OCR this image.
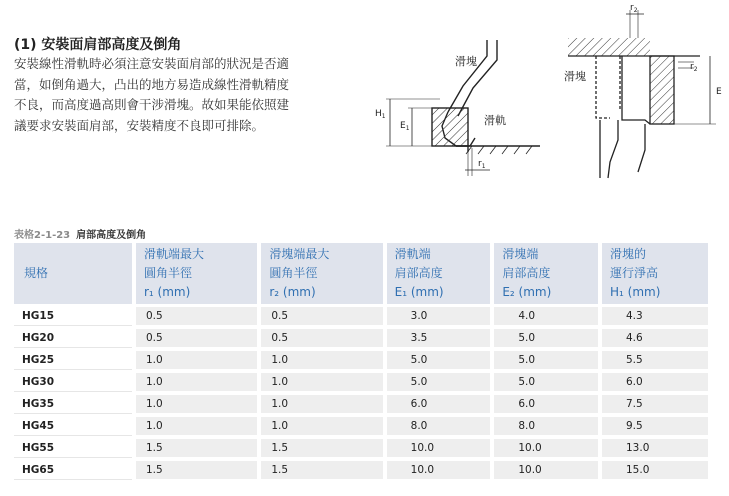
(1) 安裝面肩部高度及倒角
安裝線性滑軌時必須注意安裝面肩部的狀況是否適
當，如倒角過大，凸出的地方易造成線性滑軌精度
不良，而高度過高則會干涉滑塊。故如果能依照建
議要求安裝面肩部，安裝精度不良即可排除。
滑塊
滑軌
$H_1$
$E_1$
$r_1$
滑塊
$r_2$
$r_2$
E
表格2-1-23 肩部高度及倒角
規格	滑軌端最大
圓角半徑
r₁ (mm)	滑塊端最大
圓角半徑
r₂ (mm)	滑軌端
肩部高度
E₁ (mm)	滑塊端
肩部高度
E₂ (mm)	滑塊的
運行淨高
H₁ (mm)

HG15	0.5	0.5	3.0	4.0	4.3
HG20	0.5	0.5	3.5	5.0	4.6
HG25	1.0	1.0	5.0	5.0	5.5
HG30	1.0	1.0	5.0	5.0	6.0
HG35	1.0	1.0	6.0	6.0	7.5
HG45	1.0	1.0	8.0	8.0	9.5
HG55	1.5	1.5	10.0	10.0	13.0
HG65	1.5	1.5	10.0	10.0	15.0
